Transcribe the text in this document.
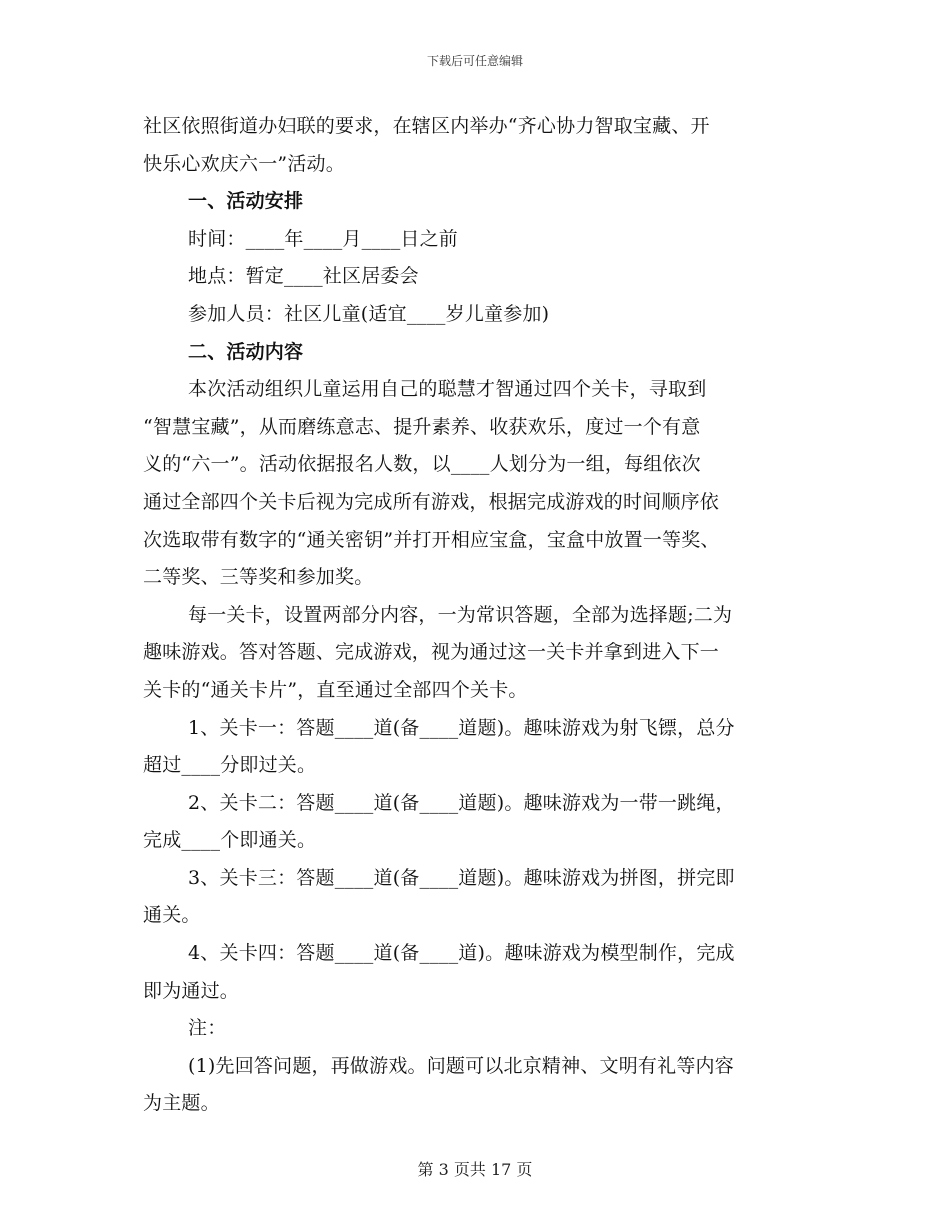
下载后可任意编辑

社区依照街道办妇联的要求，在辖区内举办“齐心协力智取宝藏、开

快乐心欢庆六一”活动。

一、活动安排

时间：____年____月____日之前

地点：暂定____社区居委会

参加人员：社区儿童(适宜____岁儿童参加)

二、活动内容

本次活动组织儿童运用自己的聪慧才智通过四个关卡，寻取到

“智慧宝藏”，从而磨练意志、提升素养、收获欢乐，度过一个有意

义的“六一”。活动依据报名人数，以____人划分为一组，每组依次

通过全部四个关卡后视为完成所有游戏，根据完成游戏的时间顺序依

次选取带有数字的“通关密钥”并打开相应宝盒，宝盒中放置一等奖、

二等奖、三等奖和参加奖。

每一关卡，设置两部分内容，一为常识答题，全部为选择题;二为

趣味游戏。答对答题、完成游戏，视为通过这一关卡并拿到进入下一

关卡的“通关卡片”，直至通过全部四个关卡。

1、关卡一：答题____道(备____道题)。趣味游戏为射飞镖，总分

超过____分即过关。

2、关卡二：答题____道(备____道题)。趣味游戏为一带一跳绳，

完成____个即通关。

3、关卡三：答题____道(备____道题)。趣味游戏为拼图，拼完即

通关。

4、关卡四：答题____道(备____道)。趣味游戏为模型制作，完成

即为通过。

注：

(1)先回答问题，再做游戏。问题可以北京精神、文明有礼等内容

为主题。

第 3 页共 17 页
